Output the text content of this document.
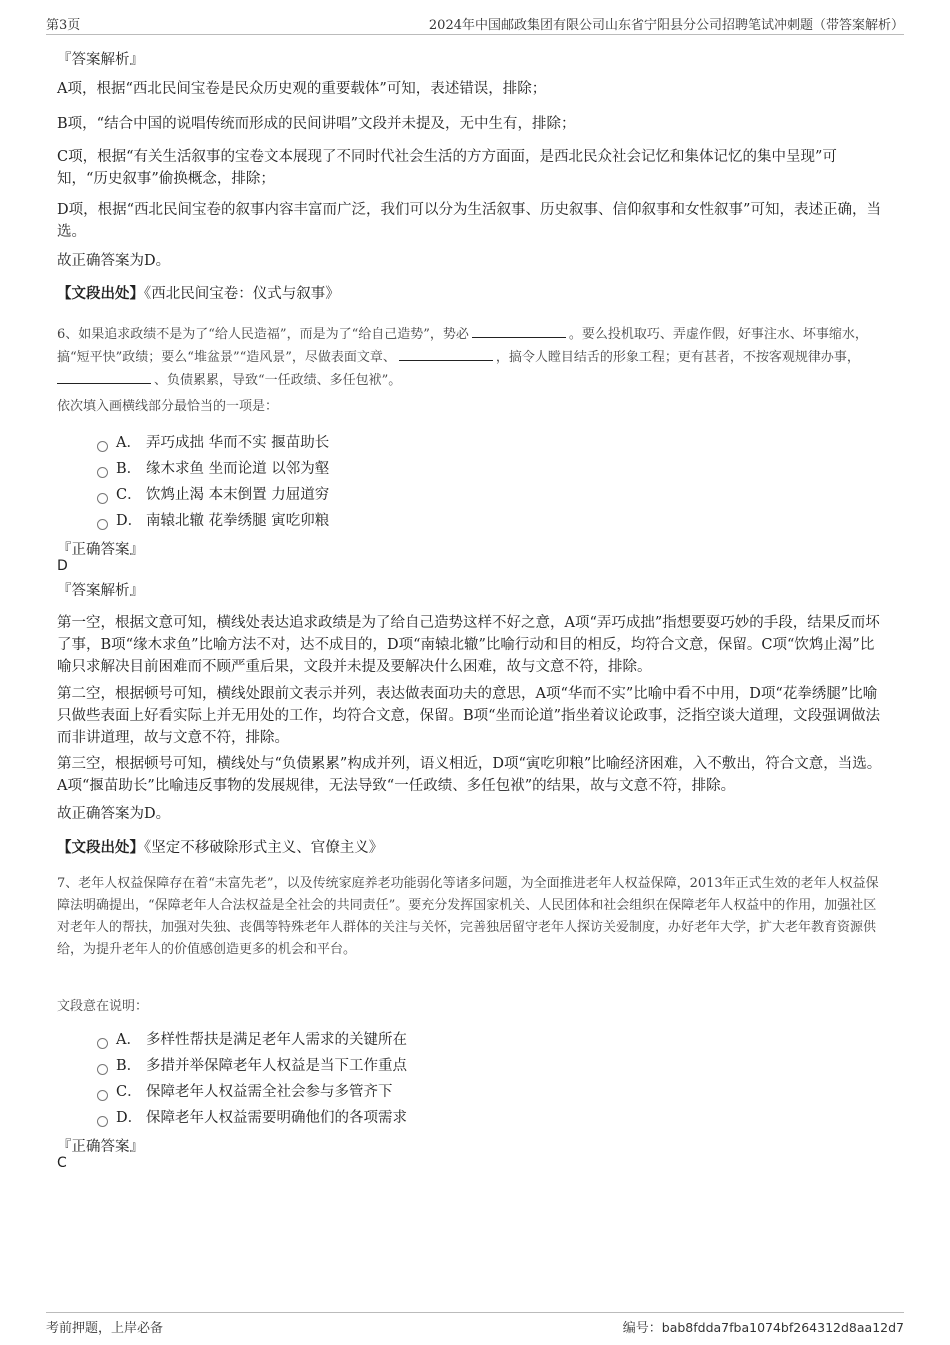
第3页	2024年中国邮政集团有限公司山东省宁阳县分公司招聘笔试冲刺题（带答案解析）
『答案解析』
A项，根据“西北民间宝卷是民众历史观的重要载体”可知，表述错误，排除；
B项，“结合中国的说唱传统而形成的民间讲唱”文段并未提及，无中生有，排除；
C项，根据“有关生活叙事的宝卷文本展现了不同时代社会生活的方方面面，是西北民众社会记忆和集体记忆的集中呈现”可知，“历史叙事”偷换概念，排除；
D项，根据“西北民间宝卷的叙事内容丰富而广泛，我们可以分为生活叙事、历史叙事、信仰叙事和女性叙事”可知，表述正确，当选。
故正确答案为D。
【文段出处】《西北民间宝卷：仪式与叙事》
6、如果追求政绩不是为了“给人民造福”，而是为了“给自己造势”，势必	。要么投机取巧、弄虚作假，好事注水、坏事缩水，
搞“短平快”政绩；要么“堆盆景”“造风景”，尽做表面文章、	，搞令人瞠目结舌的形象工程；更有甚者，不按客观规律办事，
、负债累累，导致“一任政绩、多任包袱”。
依次填入画横线部分最恰当的一项是：
A． 弄巧成拙 华而不实 揠苗助长
B． 缘木求鱼 坐而论道 以邻为壑
C． 饮鸩止渴 本末倒置 力屈道穷
D． 南辕北辙 花拳绣腿 寅吃卯粮
『正确答案』
D
『答案解析』
第一空，根据文意可知，横线处表达追求政绩是为了给自己造势这样不好之意，A项“弄巧成拙”指想要耍巧妙的手段，结果反而坏了事，B项“缘木求鱼”比喻方法不对，达不成目的，D项“南辕北辙”比喻行动和目的相反，均符合文意，保留。C项“饮鸩止渴”比喻只求解决目前困难而不顾严重后果，文段并未提及要解决什么困难，故与文意不符，排除。
第二空，根据顿号可知，横线处跟前文表示并列，表达做表面功夫的意思，A项“华而不实”比喻中看不中用，D项“花拳绣腿”比喻只做些表面上好看实际上并无用处的工作，均符合文意，保留。B项“坐而论道”指坐着议论政事，泛指空谈大道理，文段强调做法而非讲道理，故与文意不符，排除。
第三空，根据顿号可知，横线处与“负债累累”构成并列，语义相近，D项“寅吃卯粮”比喻经济困难，入不敷出，符合文意，当选。A项“揠苗助长”比喻违反事物的发展规律，无法导致“一任政绩、多任包袱”的结果，故与文意不符，排除。
故正确答案为D。
【文段出处】《坚定不移破除形式主义、官僚主义》
7、老年人权益保障存在着“未富先老”，以及传统家庭养老功能弱化等诸多问题，为全面推进老年人权益保障，2013年正式生效的老年人权益保障法明确提出，“保障老年人合法权益是全社会的共同责任”。要充分发挥国家机关、人民团体和社会组织在保障老年人权益中的作用，加强社区对老年人的帮扶，加强对失独、丧偶等特殊老年人群体的关注与关怀，完善独居留守老年人探访关爱制度，办好老年大学，扩大老年教育资源供给，为提升老年人的价值感创造更多的机会和平台。
文段意在说明：
A． 多样性帮扶是满足老年人需求的关键所在
B． 多措并举保障老年人权益是当下工作重点
C． 保障老年人权益需全社会参与多管齐下
D． 保障老年人权益需要明确他们的各项需求
『正确答案』
C
考前押题，上岸必备	编号：bab8fdda7fba1074bf264312d8aa12d7
